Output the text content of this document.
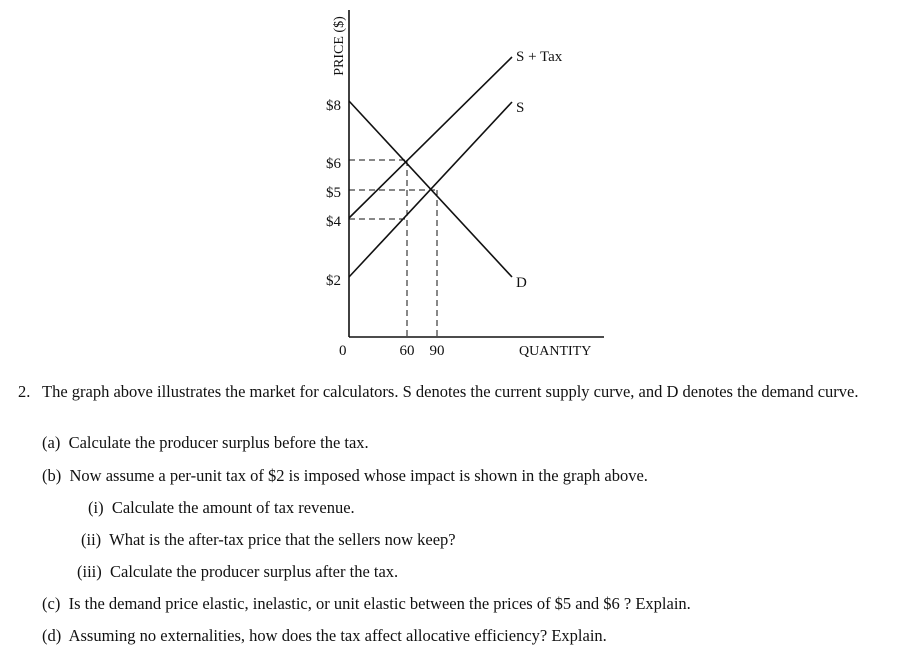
PRICE ($)
QUANTITY
0
$8
$6
$5
$4
$2
60 90
S + Tax
S
D
2. The graph above illustrates the market for calculators. S denotes the current supply curve, and D denotes the demand curve.
(a) Calculate the producer surplus before the tax.
(b) Now assume a per-unit tax of $2 is imposed whose impact is shown in the graph above.
(i) Calculate the amount of tax revenue.
(ii) What is the after-tax price that the sellers now keep?
(iii) Calculate the producer surplus after the tax.
(c) Is the demand price elastic, inelastic, or unit elastic between the prices of $5 and $6 ? Explain.
(d) Assuming no externalities, how does the tax affect allocative efficiency? Explain.
